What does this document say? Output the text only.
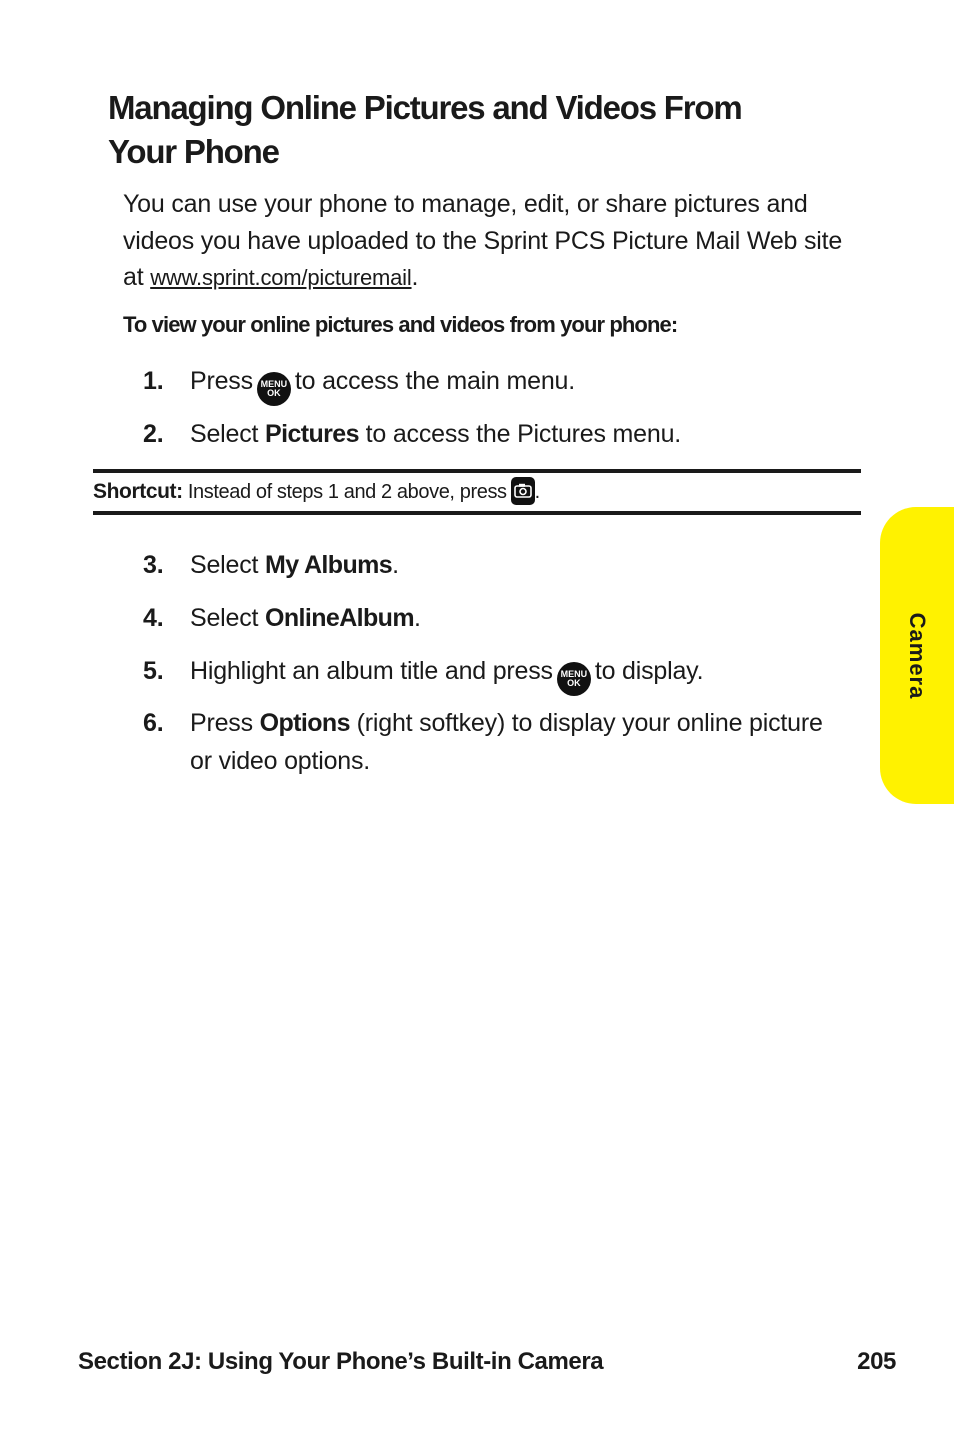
Managing Online Pictures and Videos From Your Phone

You can use your phone to manage, edit, or share pictures and videos you have uploaded to the Sprint PCS Picture Mail Web site at www.sprint.com/picturemail.

To view your online pictures and videos from your phone:
1. Press MENU
OK to access the main menu.
2. Select Pictures to access the Pictures menu.
Shortcut: Instead of steps 1 and 2 above, press .
3. Select My Albums.
4. Select OnlineAlbum.
5. Highlight an album title and press MENU
OK to display.
6. Press Options (right softkey) to display your online picture or video options.
Camera
Section 2J: Using Your Phone’s Built-in Camera	205
